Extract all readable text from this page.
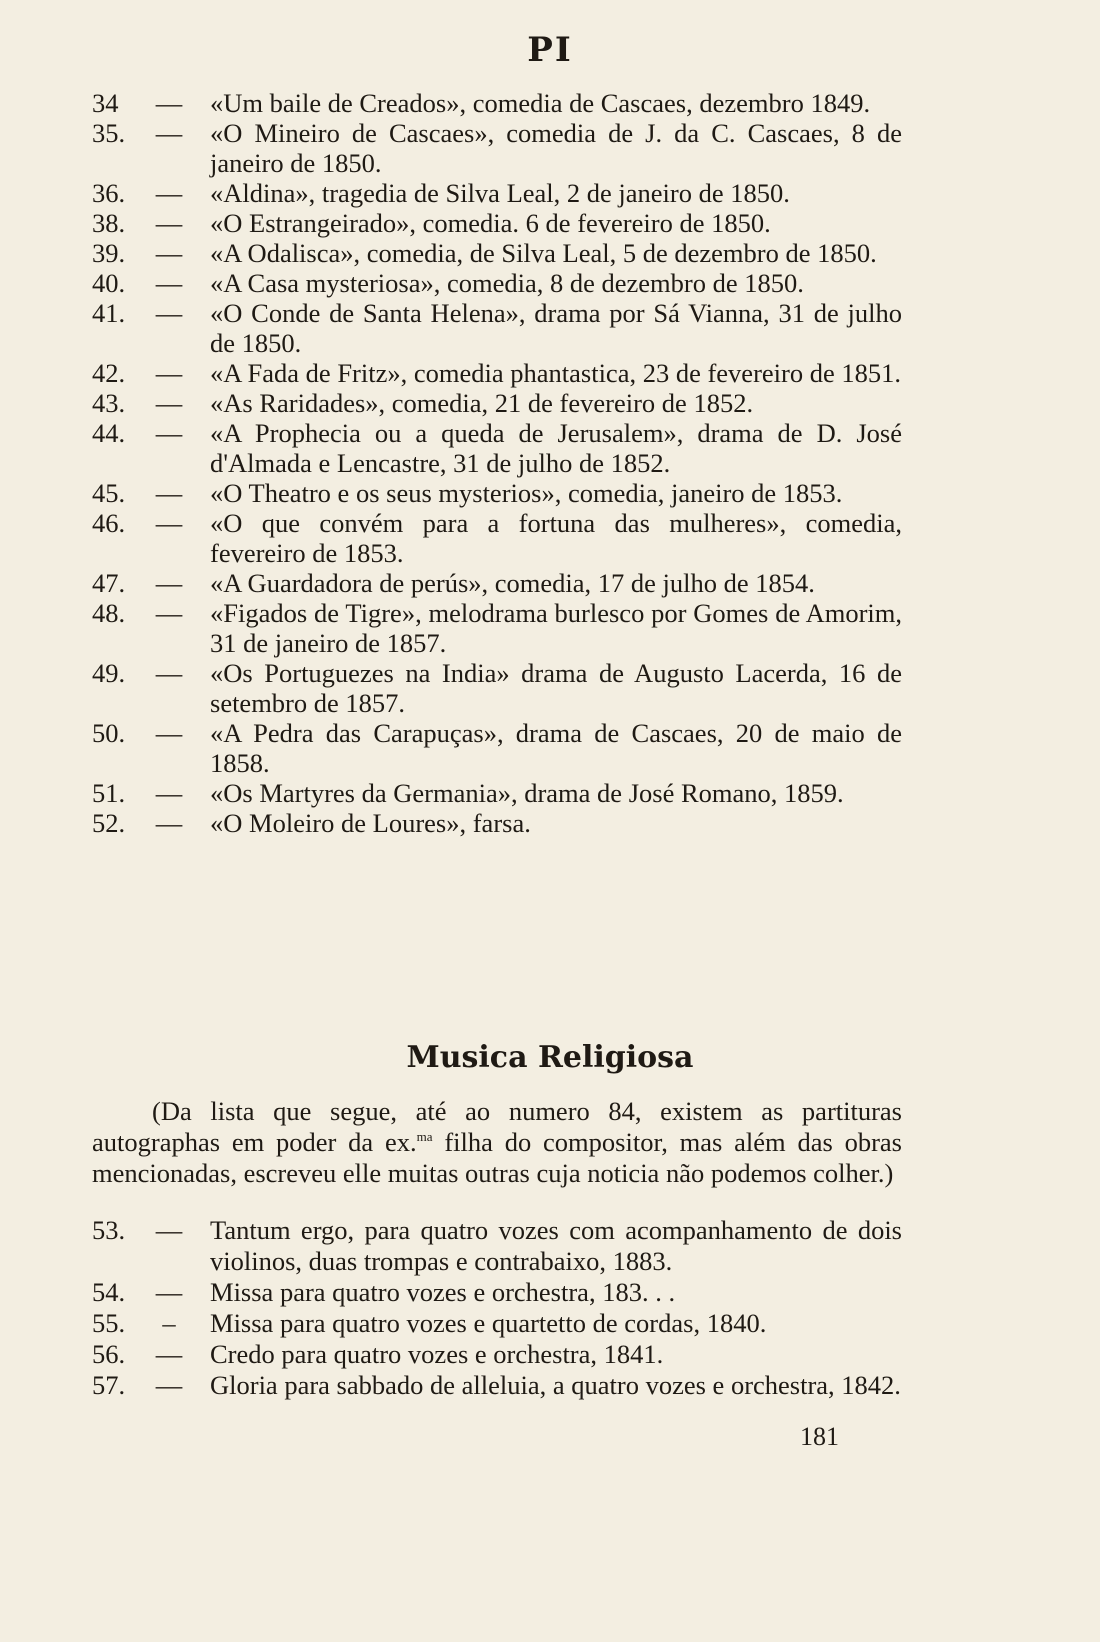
PI
34	—	«Um baile de Creados», comedia de Cascaes, dezembro 1849.
35.	—	«O Mineiro de Cascaes», comedia de J. da C. Cascaes, 8 de janeiro de 1850.
36.	—	«Aldina», tragedia de Silva Leal, 2 de janeiro de 1850.
38.	—	«O Estrangeirado», comedia. 6 de fevereiro de 1850.
39.	—	«A Odalisca», comedia, de Silva Leal, 5 de dezembro de 1850.
40.	—	«A Casa mysteriosa», comedia, 8 de dezembro de 1850.
41.	—	«O Conde de Santa Helena», drama por Sá Vianna, 31 de julho de 1850.
42.	—	«A Fada de Fritz», comedia phantastica, 23 de fevereiro de 1851.
43.	—	«As Raridades», comedia, 21 de fevereiro de 1852.
44.	—	«A Prophecia ou a queda de Jerusalem», drama de D. José d'Almada e Lencastre, 31 de julho de 1852.
45.	—	«O Theatro e os seus mysterios», comedia, janeiro de 1853.
46.	—	«O que convém para a fortuna das mulheres», comedia, fevereiro de 1853.
47.	—	«A Guardadora de perús», comedia, 17 de julho de 1854.
48.	—	«Figados de Tigre», melodrama burlesco por Gomes de Amorim, 31 de janeiro de 1857.
49.	—	«Os Portuguezes na India» drama de Augusto Lacerda, 16 de setembro de 1857.
50.	—	«A Pedra das Carapuças», drama de Cascaes, 20 de maio de 1858.
51.	—	«Os Martyres da Germania», drama de José Romano, 1859.
52.	—	«O Moleiro de Loures», farsa.
Musica Religiosa
(Da lista que segue, até ao numero 84, existem as partituras autographas em poder da ex.$^{ma}$ filha do compositor, mas além das obras mencionadas, escreveu elle muitas outras cuja noticia não podemos colher.)
53.	—	Tantum ergo, para quatro vozes com acompanhamento de dois violinos, duas trompas e contrabaixo, 1883.
54.	—	Missa para quatro vozes e orchestra, 183. . .
55.	–	Missa para quatro vozes e quartetto de cordas, 1840.
56.	—	Credo para quatro vozes e orchestra, 1841.
57.	—	Gloria para sabbado de alleluia, a quatro vozes e orchestra, 1842.
181
